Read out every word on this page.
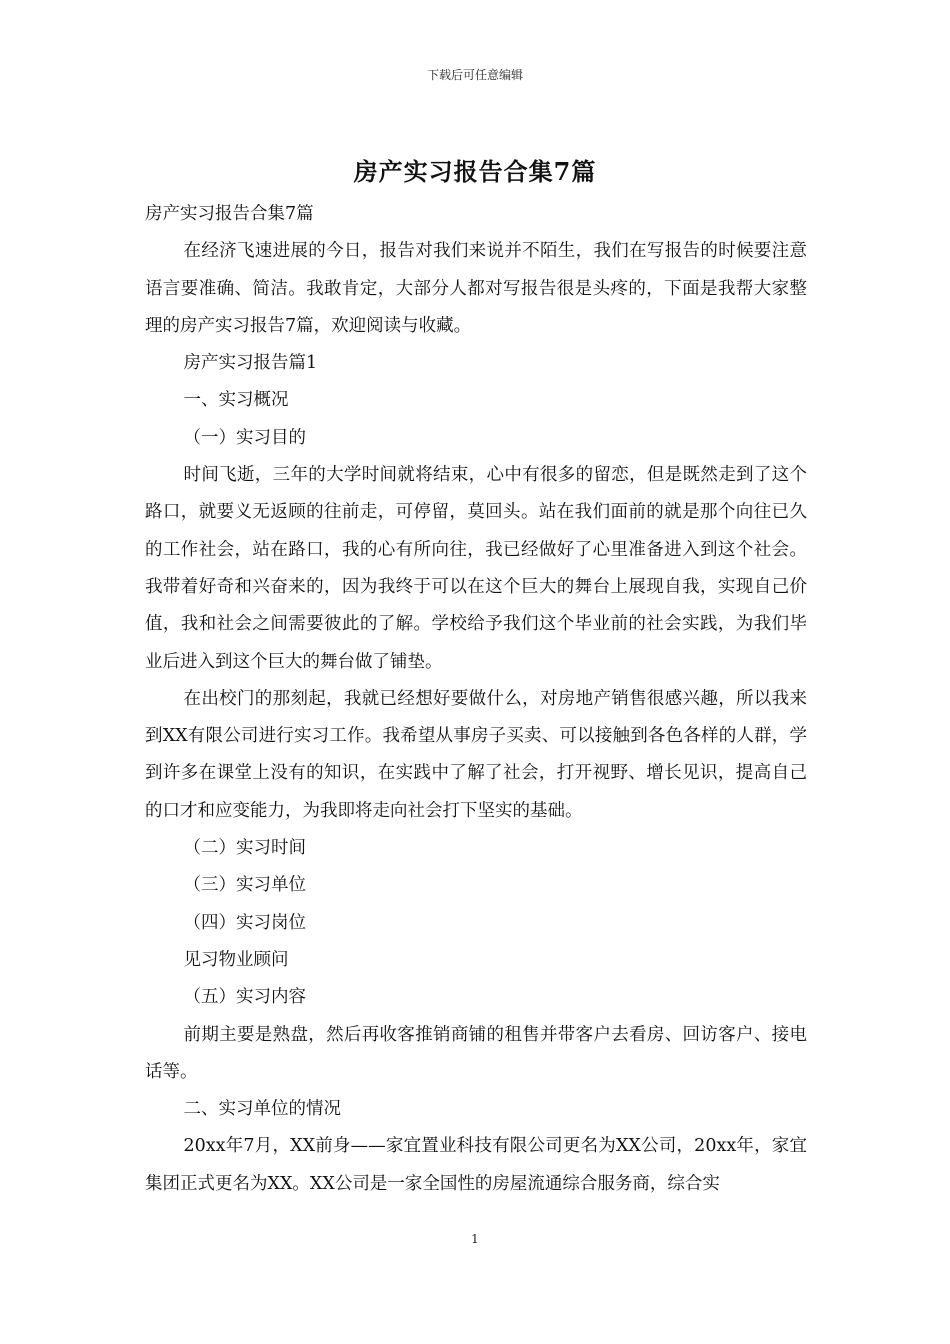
下载后可任意编辑
房产实习报告合集7篇

房产实习报告合集7篇

在经济飞速进展的今日，报告对我们来说并不陌生，我们在写报告的时候要注意语言要准确、简洁。我敢肯定，大部分人都对写报告很是头疼的，下面是我帮大家整理的房产实习报告7篇，欢迎阅读与收藏。

房产实习报告篇1

一、实习概况

（一）实习目的

时间飞逝，三年的大学时间就将结束，心中有很多的留恋，但是既然走到了这个路口，就要义无返顾的往前走，可停留，莫回头。站在我们面前的就是那个向往已久的工作社会，站在路口，我的心有所向往，我已经做好了心里准备进入到这个社会。我带着好奇和兴奋来的，因为我终于可以在这个巨大的舞台上展现自我，实现自己价值，我和社会之间需要彼此的了解。学校给予我们这个毕业前的社会实践，为我们毕业后进入到这个巨大的舞台做了铺垫。

在出校门的那刻起，我就已经想好要做什么，对房地产销售很感兴趣，所以我来到XX有限公司进行实习工作。我希望从事房子买卖、可以接触到各色各样的人群，学到许多在课堂上没有的知识，在实践中了解了社会，打开视野、增长见识，提高自己的口才和应变能力，为我即将走向社会打下坚实的基础。

（二）实习时间

（三）实习单位

（四）实习岗位

见习物业顾问

（五）实习内容

前期主要是熟盘，然后再收客推销商铺的租售并带客户去看房、回访客户、接电话等。

二、实习单位的情况

20xx年7月，XX前身——家宜置业科技有限公司更名为XX公司，20xx年，家宜集团正式更名为XX。XX公司是一家全国性的房屋流通综合服务商，综合实

1
